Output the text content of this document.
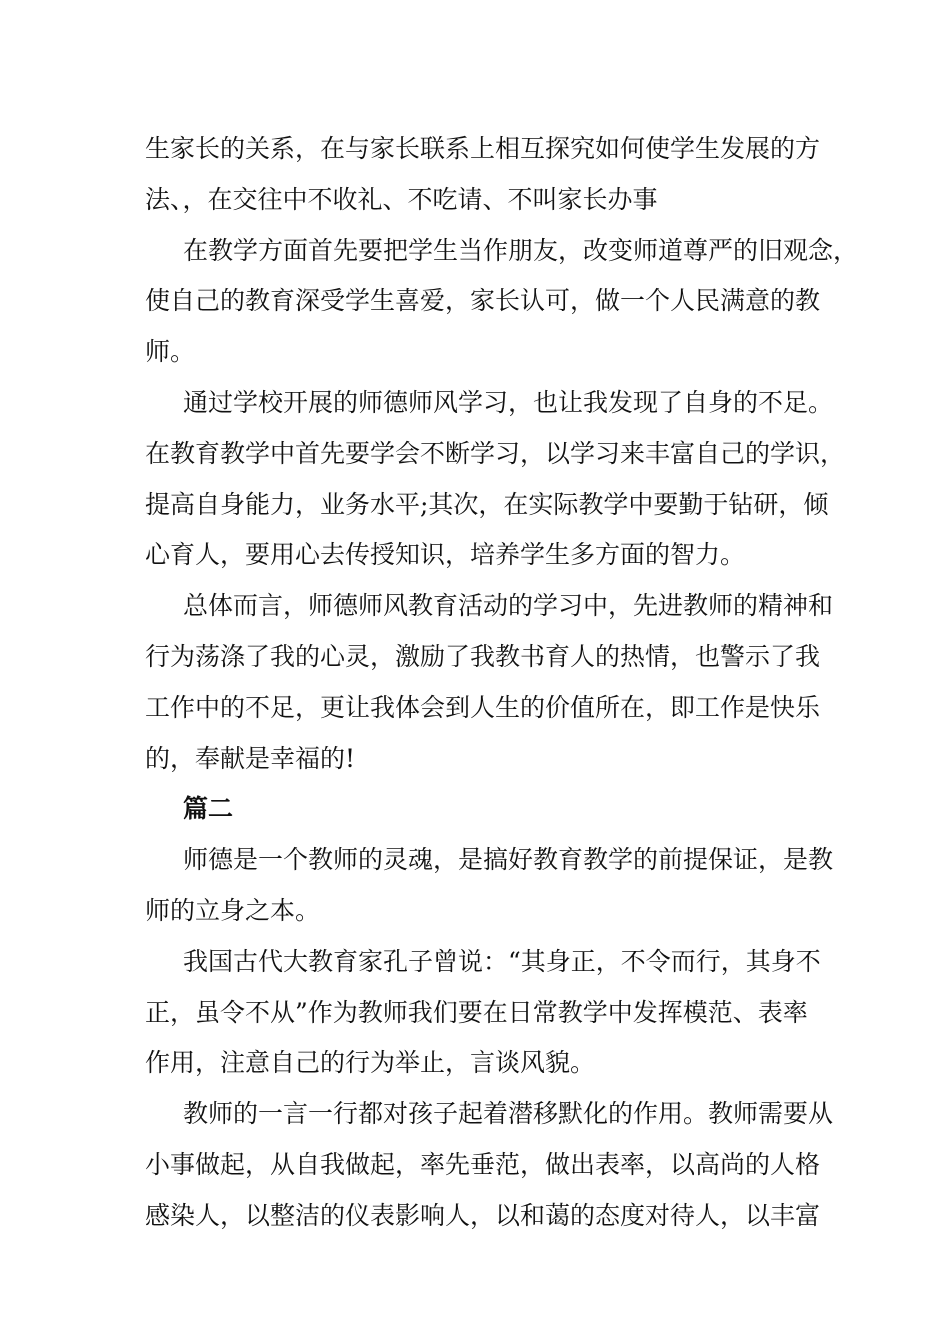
生家长的关系，在与家长联系上相互探究如何使学生发展的方
法、，在交往中不收礼、不吃请、不叫家长办事
在教学方面首先要把学生当作朋友，改变师道尊严的旧观念，
使自己的教育深受学生喜爱，家长认可，做一个人民满意的教
师。
通过学校开展的师德师风学习，也让我发现了自身的不足。
在教育教学中首先要学会不断学习，以学习来丰富自己的学识，
提高自身能力，业务水平;其次，在实际教学中要勤于钻研，倾
心育人，要用心去传授知识，培养学生多方面的智力。
总体而言，师德师风教育活动的学习中，先进教师的精神和
行为荡涤了我的心灵，激励了我教书育人的热情，也警示了我
工作中的不足，更让我体会到人生的价值所在，即工作是快乐
的，奉献是幸福的!
篇二
师德是一个教师的灵魂，是搞好教育教学的前提保证，是教
师的立身之本。
我国古代大教育家孔子曾说：“其身正，不令而行，其身不
正，虽令不从”作为教师我们要在日常教学中发挥模范、表率
作用，注意自己的行为举止，言谈风貌。
教师的一言一行都对孩子起着潜移默化的作用。教师需要从
小事做起，从自我做起，率先垂范，做出表率，以高尚的人格
感染人，以整洁的仪表影响人，以和蔼的态度对待人，以丰富
